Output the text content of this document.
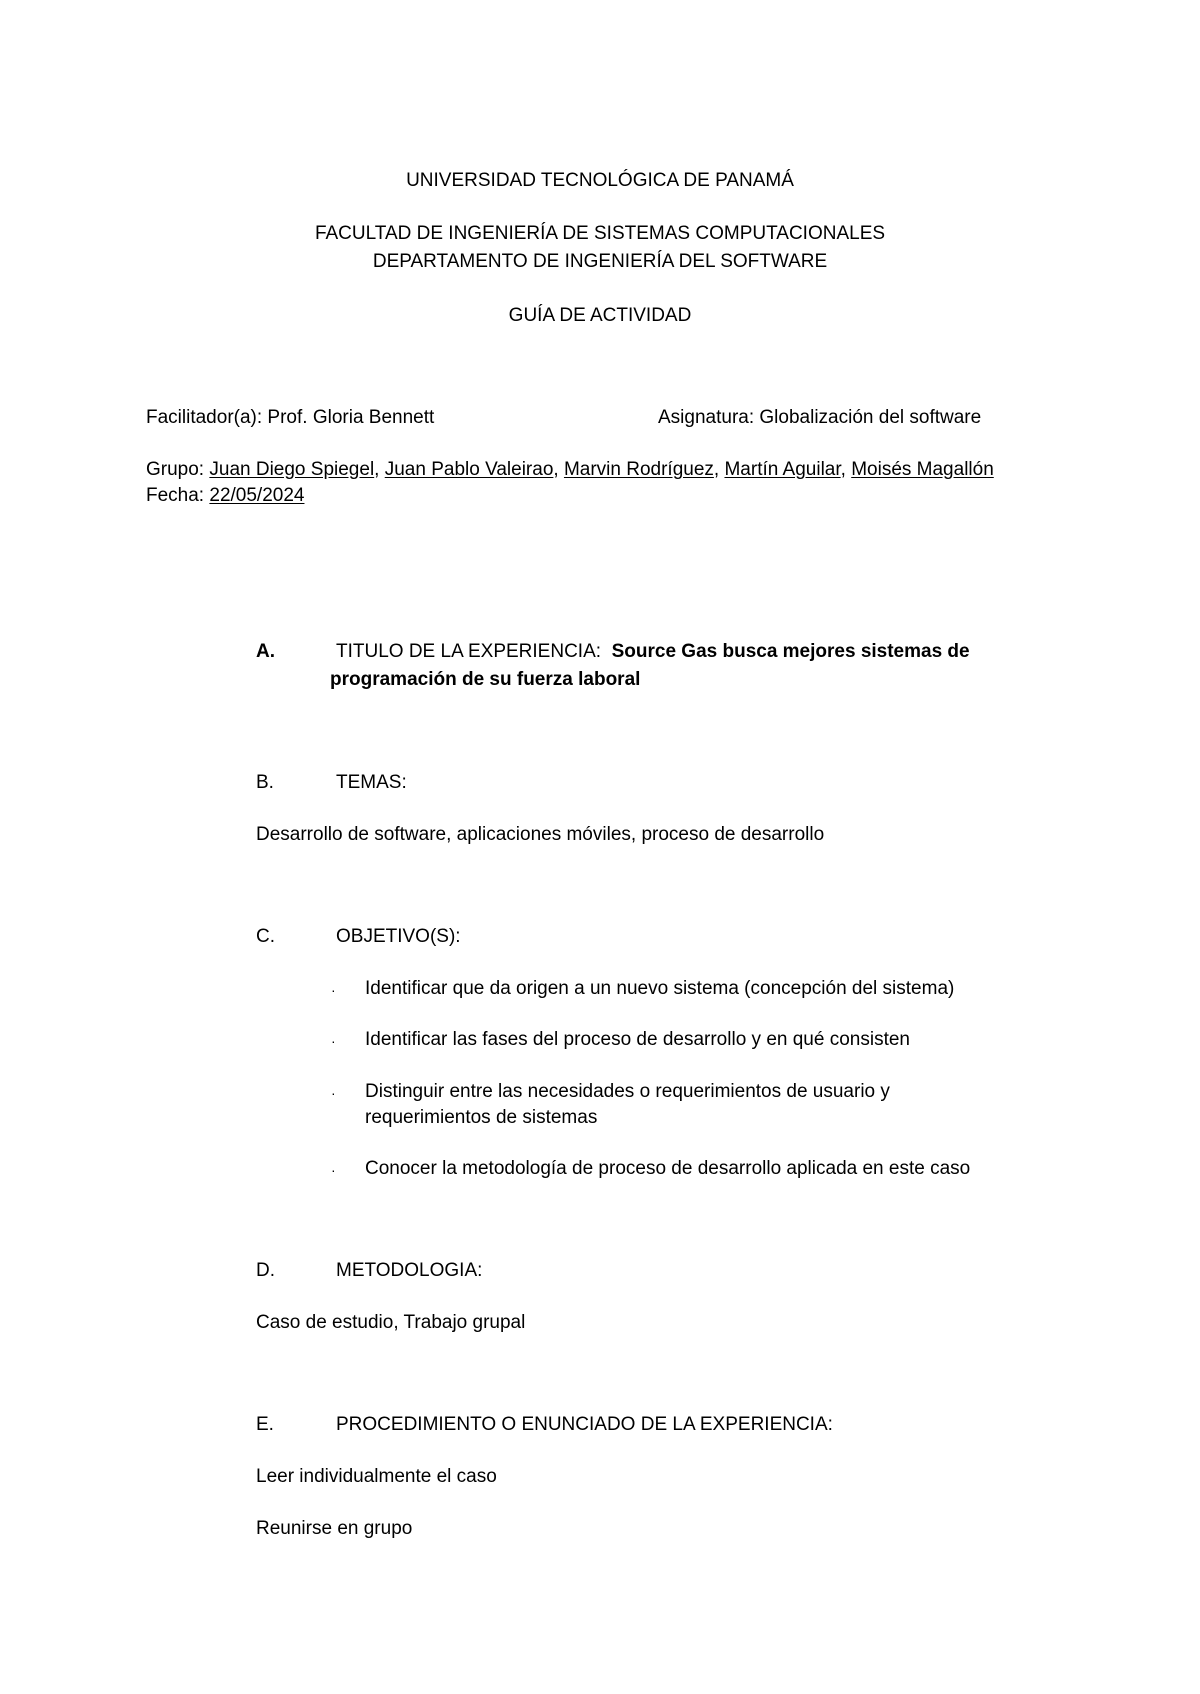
UNIVERSIDAD TECNOLÓGICA DE PANAMÁ
FACULTAD DE INGENIERÍA DE SISTEMAS COMPUTACIONALES
DEPARTAMENTO DE INGENIERÍA DEL SOFTWARE
GUÍA DE ACTIVIDAD
Facilitador(a): Prof. Gloria Bennett	Asignatura: Globalización del software
Grupo: Juan Diego Spiegel, Juan Pablo Valeirao, Marvin Rodríguez, Martín Aguilar, Moisés Magallón
Fecha: 22/05/2024
A.	TITULO DE LA EXPERIENCIA: Source Gas busca mejores sistemas de
programación de su fuerza laboral
B.	TEMAS:
Desarrollo de software, aplicaciones móviles, proceso de desarrollo
C.	OBJETIVO(S):
· Identificar que da origen a un nuevo sistema (concepción del sistema)
· Identificar las fases del proceso de desarrollo y en qué consisten
· Distinguir entre las necesidades o requerimientos de usuario y
requerimientos de sistemas
· Conocer la metodología de proceso de desarrollo aplicada en este caso
D.	METODOLOGIA:
Caso de estudio, Trabajo grupal
E.	PROCEDIMIENTO O ENUNCIADO DE LA EXPERIENCIA:
Leer individualmente el caso
Reunirse en grupo
